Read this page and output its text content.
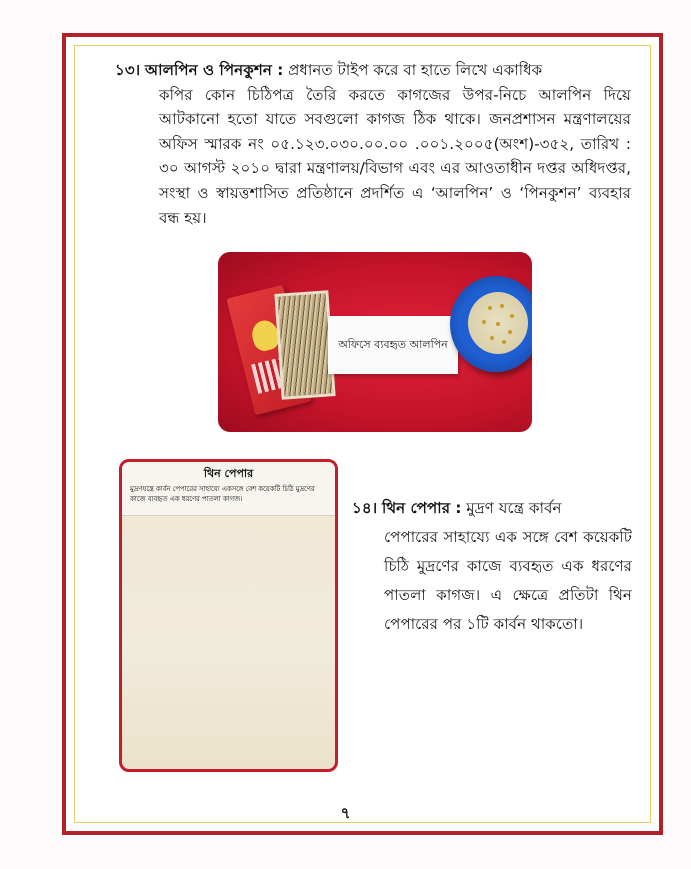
১৩। আলপিন ও পিনকুশন : প্রধানত টাইপ করে বা হাতে লিখে একাধিক
কপির কোন চিঠিপত্র তৈরি করতে কাগজের উপর-নিচে আলপিন দিয়ে আটকানো হতো যাতে সবগুলো কাগজ ঠিক থাকে। জনপ্রশাসন মন্ত্রণালয়ের অফিস স্মারক নং ০৫.১২৩.০৩০.০০.০০ .০০১.২০০৫(অংশ)-৩৫২, তারিখ : ৩০ আগস্ট ২০১০ দ্বারা মন্ত্রণালয়/বিভাগ এবং এর আওতাধীন দপ্তর অধিদপ্তর, সংস্থা ও স্বায়ত্তশাসিত প্রতিষ্ঠানে প্রদর্শিত এ ‘আলপিন’ ও ‘পিনকুশন’ ব্যবহার বন্ধ হয়।
অফিসে ব্যবহৃত আলপিন
থিন পেপার
মুদ্রণযন্ত্রে কার্বন পেপারের সাহায্যে একসঙ্গে বেশ কয়েকটি চিঠি মুদ্রণের কাজে ব্যবহৃত এক ধরণের পাতলা কাগজ।	১৪। থিন পেপার : মুদ্রণ যন্ত্রে কার্বন
পেপারের সাহায্যে এক সঙ্গে বেশ কয়েকটি চিঠি মুদ্রণের কাজে ব্যবহৃত এক ধরণের পাতলা কাগজ। এ ক্ষেত্রে প্রতিটা থিন পেপারের পর ১টি কার্বন থাকতো।
৭
